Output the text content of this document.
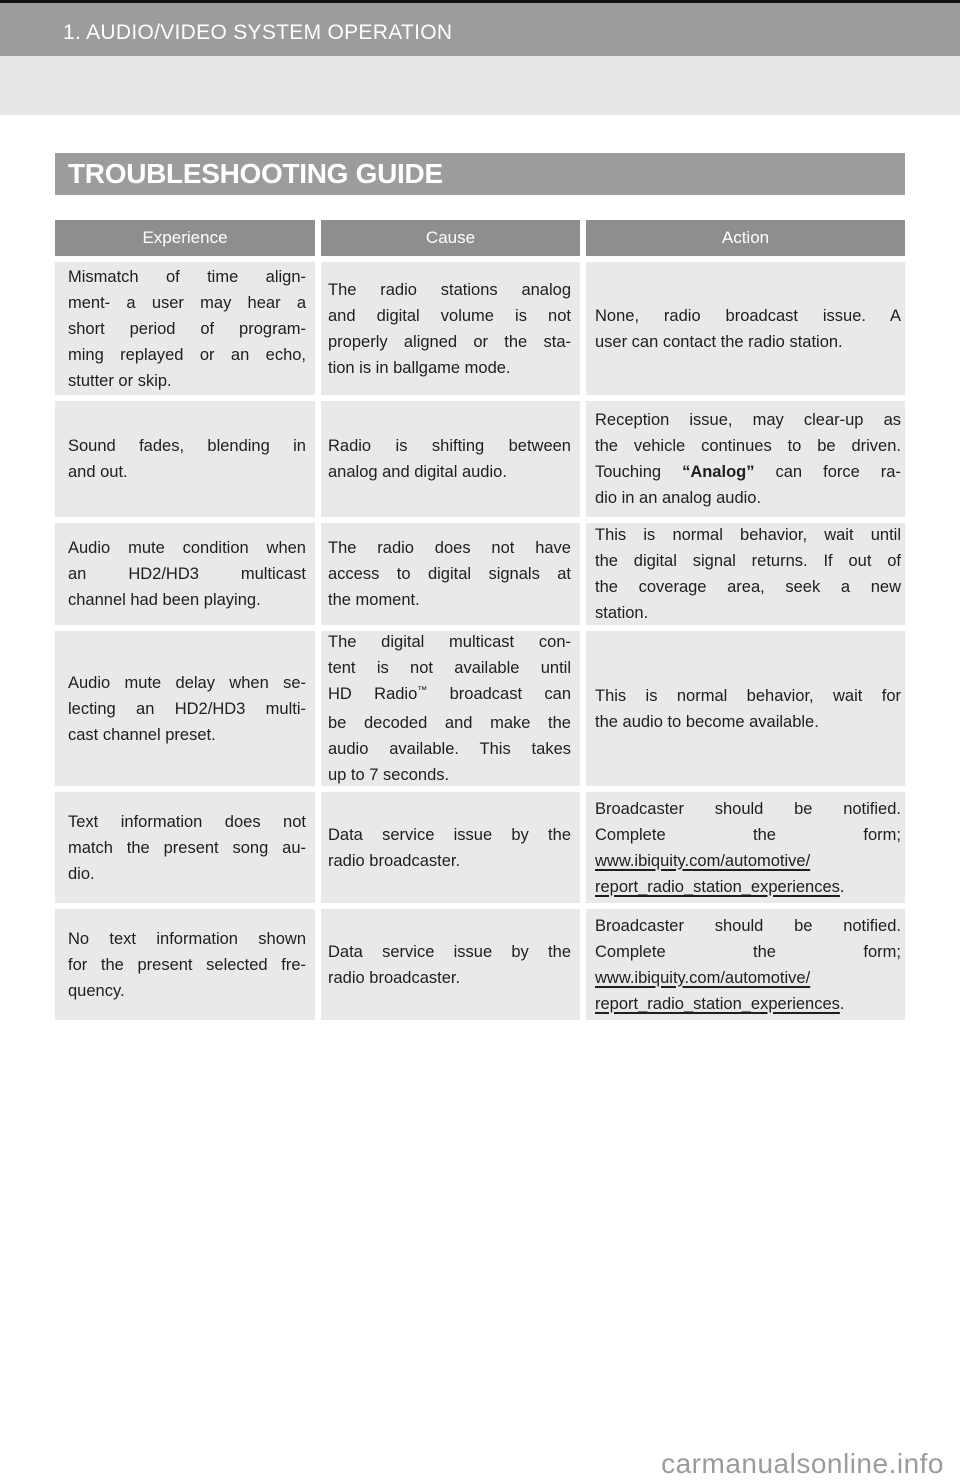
1. AUDIO/VIDEO SYSTEM OPERATION
TROUBLESHOOTING GUIDE
Experience	Cause	Action
Mismatch of time align-
ment- a user may hear a
short period of program-
ming replayed or an echo,
stutter or skip.
The radio stations analog
and digital volume is not
properly aligned or the sta-
tion is in ballgame mode.
None, radio broadcast issue. A
user can contact the radio station.
Sound fades, blending in
and out.
Radio is shifting between
analog and digital audio.
Reception issue, may clear-up as
the vehicle continues to be driven.
Touching “Analog” can force ra-
dio in an analog audio.
Audio mute condition when
an HD2/HD3 multicast
channel had been playing.
The radio does not have
access to digital signals at
the moment.
This is normal behavior, wait until
the digital signal returns. If out of
the coverage area, seek a new
station.
Audio mute delay when se-
lecting an HD2/HD3 multi-
cast channel preset.
The digital multicast con-
tent is not available until
HD Radio™ broadcast can
be decoded and make the
audio available. This takes
up to 7 seconds.
This is normal behavior, wait for
the audio to become available.
Text information does not
match the present song au-
dio.
Data service issue by the
radio broadcaster.
Broadcaster should be notified.
Complete the form;
www.ibiquity.com/automotive/
report_radio_station_experiences.
No text information shown
for the present selected fre-
quency.
Data service issue by the
radio broadcaster.
Broadcaster should be notified.
Complete the form;
www.ibiquity.com/automotive/
report_radio_station_experiences.
carmanualsonline.info
